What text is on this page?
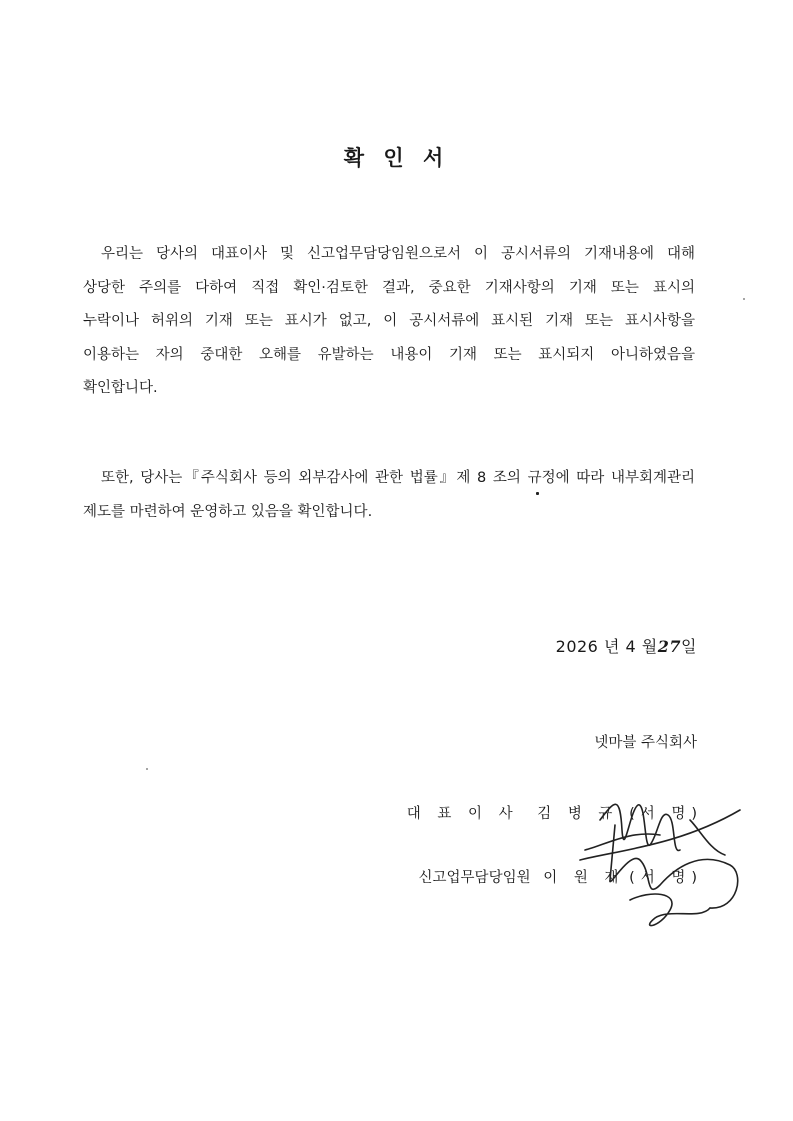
확 인 서
우리는 당사의 대표이사 및 신고업무담당임원으로서 이 공시서류의 기재내용에 대해
상당한 주의를 다하여 직접 확인·검토한 결과, 중요한 기재사항의 기재 또는 표시의
누락이나 허위의 기재 또는 표시가 없고, 이 공시서류에 표시된 기재 또는 표시사항을
이용하는 자의 중대한 오해를 유발하는 내용이 기재 또는 표시되지 아니하였음을
확인합니다.
또한, 당사는『주식회사 등의 외부감사에 관한 법률』제 8 조의 규정에 따라 내부회계관리
제도를 마련하여 운영하고 있음을 확인합니다.
2026 년 4 월27일
넷마블 주식회사
대 표 이 사 김 병 규 (서 명)
신고업무담당임원 이 원 재 (서 명)
